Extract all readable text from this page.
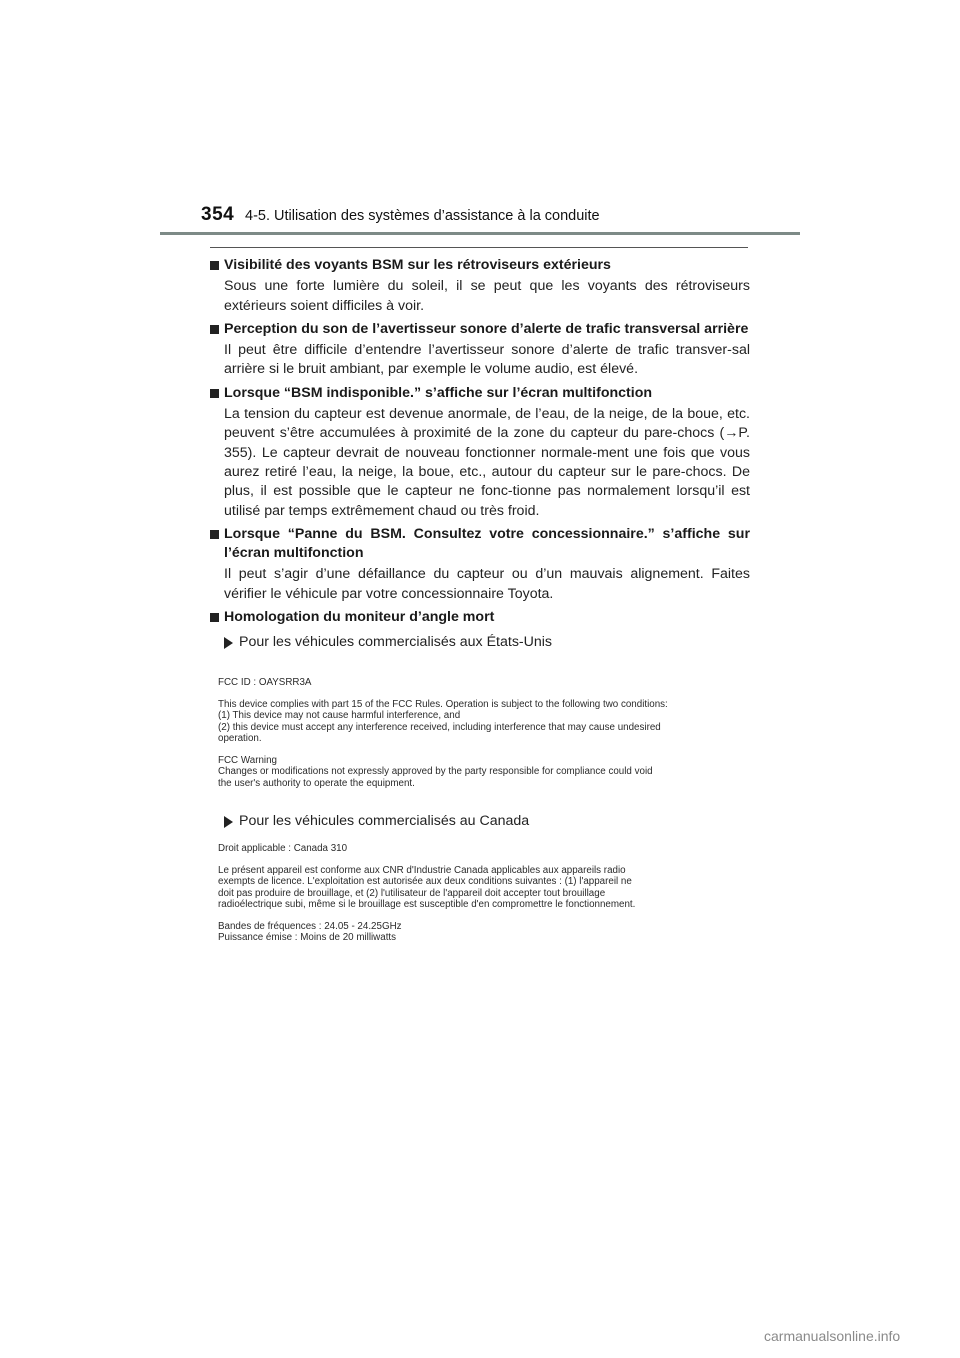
354 4-5. Utilisation des systèmes d’assistance à la conduite
Visibilité des voyants BSM sur les rétroviseurs extérieurs
Sous une forte lumière du soleil, il se peut que les voyants des rétroviseurs extérieurs soient difficiles à voir.
Perception du son de l’avertisseur sonore d’alerte de trafic transversal arrière
Il peut être difficile d’entendre l’avertisseur sonore d’alerte de trafic transver-sal arrière si le bruit ambiant, par exemple le volume audio, est élevé.
Lorsque “BSM indisponible.” s’affiche sur l’écran multifonction
La tension du capteur est devenue anormale, de l’eau, de la neige, de la boue, etc. peuvent s’être accumulées à proximité de la zone du capteur du pare-chocs (→P. 355). Le capteur devrait de nouveau fonctionner normale-ment une fois que vous aurez retiré l’eau, la neige, la boue, etc., autour du capteur sur le pare-chocs. De plus, il est possible que le capteur ne fonc-tionne pas normalement lorsqu’il est utilisé par temps extrêmement chaud ou très froid.
Lorsque “Panne du BSM. Consultez votre concessionnaire.” s’affiche sur l’écran multifonction
Il peut s’agir d’une défaillance du capteur ou d’un mauvais alignement. Faites vérifier le véhicule par votre concessionnaire Toyota.
Homologation du moniteur d’angle mort
Pour les véhicules commercialisés aux États-Unis

FCC ID : OAYSRR3A

This device complies with part 15 of the FCC Rules. Operation is subject to the following two conditions:

(1) This device may not cause harmful interference, and

(2) this device must accept any interference received, including interference that may cause undesired

operation.

FCC Warning

Changes or modifications not expressly approved by the party responsible for compliance could void

the user's authority to operate the equipment.

Pour les véhicules commercialisés au Canada

Droit applicable : Canada 310

Le présent appareil est conforme aux CNR d'Industrie Canada applicables aux appareils radio

exempts de licence. L'exploitation est autorisée aux deux conditions suivantes : (1) l'appareil ne

doit pas produire de brouillage, et (2) l'utilisateur de l'appareil doit accepter tout brouillage

radioélectrique subi, même si le brouillage est susceptible d'en compromettre le fonctionnement.

Bandes de fréquences : 24.05 - 24.25GHz

Puissance émise : Moins de 20 milliwatts

carmanualsonline.info
